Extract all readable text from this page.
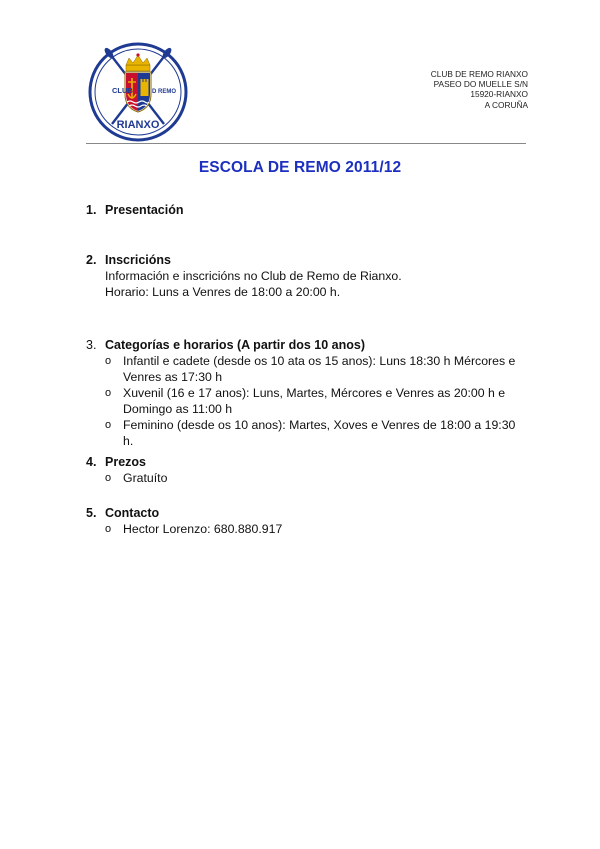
CLUB	D REMO
RIANXO
CLUB DE REMO RIANXO
PASEO DO MUELLE S/N
15920-RIANXO
A CORUÑA
ESCOLA DE REMO 2011/12
1. Presentación
2. Inscricións
Información e inscricións no Club de Remo de Rianxo.
Horario: Luns a Venres de 18:00 a 20:00 h.
3. Categorías e horarios (A partir dos 10 anos)
o Infantil e cadete (desde os 10 ata os 15 anos): Luns 18:30 h Mércores e Venres as 17:30 h
o Xuvenil (16 e 17 anos): Luns, Martes, Mércores e Venres as 20:00 h e Domingo as 11:00 h
o Feminino (desde os 10 anos): Martes, Xoves e Venres de 18:00 a 19:30 h.
4. Prezos
o Gratuíto
5. Contacto
o Hector Lorenzo: 680.880.917
